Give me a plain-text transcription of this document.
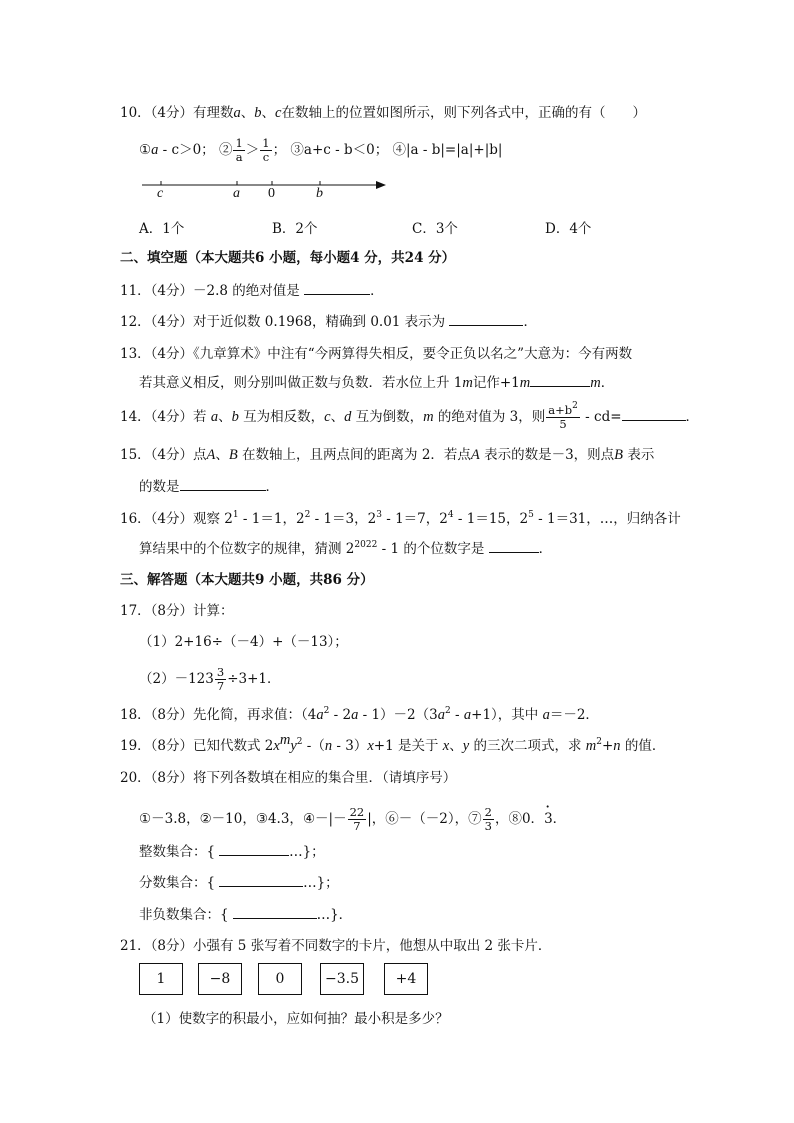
10．（4分）有理数a、b、c在数轴上的位置如图所示，则下列各式中，正确的有（　　）
①a - c＞0； ② $\frac{1}{a} > \frac{1}{c}$ ； ③a+c - b＜0； ④|a - b|=|a|+|b|
c	a 0	b
A．1个	B．2个	C．3个	D．4个
二、填空题（本大题共6 小题，每小题4 分，共24 分）
11．（4分）－2.8 的绝对值是	．
12．（4分）对于近似数 0.1968，精确到 0.01 表示为	．
13．（4分）《九章算术》中注有“今两算得失相反，要令正负以名之”大意为：今有两数
若其意义相反，则分别叫做正数与负数．若水位上升 1m记作+1m	m．
14．（4分）若 a、b 互为相反数，c、d 互为倒数，m 的绝对值为 3，则 $\frac{a+b^2}{5} - cd=$	．
15．（4分）点A、B 在数轴上，且两点间的距离为 2．若点A 表示的数是－3，则点B 表示
的数是	．
16．（4分）观察 $2^1 - 1=1$，$2^2 - 1=3$，$2^3 - 1=7$，$2^4 - 1=15$，$2^5 - 1=31$，…，归纳各计
算结果中的个位数字的规律，猜测 $2^{2022} - 1$ 的个位数字是	．
三、解答题（本大题共9 小题，共86 分）
17．（8分）计算：
（1）2+16÷（－4）+（－13）；
$(2)-123 \frac{3}{7} \div 3+1$．
18．（8分）先化简，再求值：$(4a^2 - 2a - 1)-2(3a^2 - a+1)$，其中 a＝－2．
19．（8分）已知代数式 $2x^my^2$ -（n - 3）x+1 是关于 x、y 的三次二项式，求 $m^2+n$ 的值．
20．（8分）将下列各数填在相应的集合里．（请填序号）
①－3.8，②－10，③4.3，④－|－ $\frac{22}{7}$ |，⑥－（－2），⑦ $\frac{2}{3}$ ，⑧0．· 3．
整数集合：{	…}；
分数集合：{	…}；
非负数集合：{	…}．
21．（8分）小强有 5 张写着不同数字的卡片，他想从中取出 2 张卡片．
1	−8	0	−3.5	+4
（1）使数字的积最小，应如何抽？最小积是多少？
